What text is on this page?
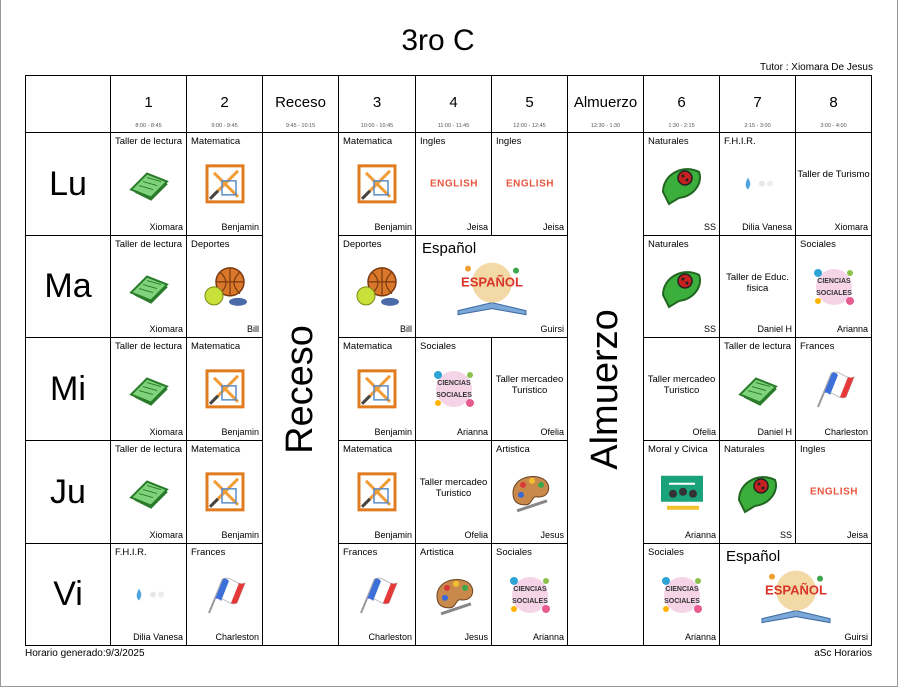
3ro C
Tutor : Xiomara De Jesus
1
8:00 - 8:45
2
9:00 - 9:45
Receso
9:45 - 10:15
3
10:00 - 10:45
4
11:00 - 11:45
5
12:00 - 12:45
Almuerzo
12:30 - 1:30
6
1:30 - 2:15
7
2:15 - 3:00
8
3:00 - 4:00
Lu
Ma
Mi
Ju
Vi
Receso	Almuerzo
Taller de lectura
Xiomara
Matematica
Benjamin
Matematica
Benjamin
Ingles
ENGLISH
Jeisa
Ingles
ENGLISH
Jeisa
Naturales
SS
F.H.I.R.
Dilia Vanesa
Taller de Turismo
Xiomara
Taller de lectura
Xiomara
Deportes
Bill
Deportes
Bill
Español
ESPAÑOL
Guirsi
Naturales
SS
Taller de Educ. fisica
Daniel H
Sociales
CIENCIAS
SOCIALES
Arianna
Taller de lectura
Xiomara
Matematica
Benjamin
Matematica
Benjamin
Sociales
CIENCIAS
SOCIALES
Arianna
Taller mercadeo Turistico
Ofelia
Taller mercadeo Turistico
Ofelia
Taller de lectura
Daniel H
Frances
Charleston
Taller de lectura
Xiomara
Matematica
Benjamin
Matematica
Benjamin
Taller mercadeo Turistico
Ofelia
Artistica
Jesus
Moral y Civica
Arianna
Naturales
SS
Ingles
ENGLISH
Jeisa
F.H.I.R.
Dilia Vanesa
Frances
Charleston
Frances
Charleston
Artistica
Jesus
Sociales
CIENCIAS
SOCIALES
Arianna
Sociales
CIENCIAS
SOCIALES
Arianna
Español
ESPAÑOL
Guirsi
Horario generado:9/3/2025	aSc Horarios
